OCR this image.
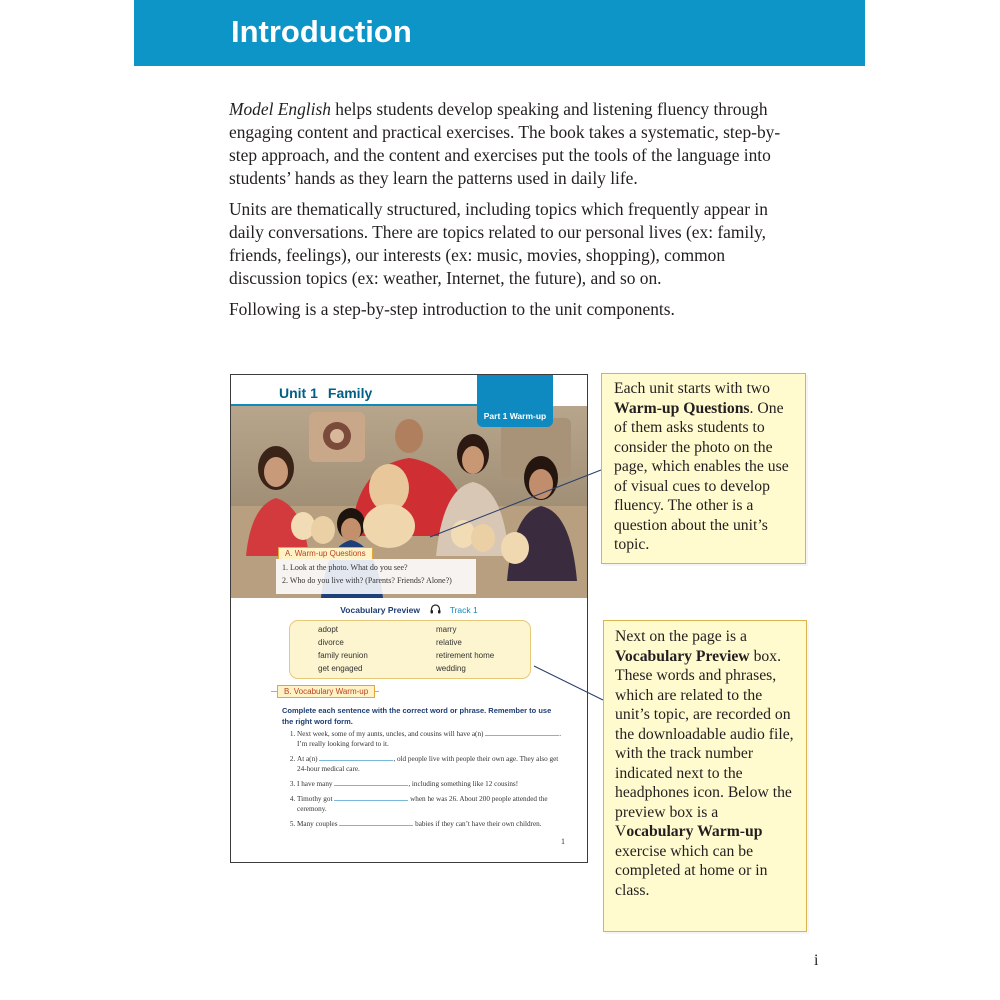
Introduction

Model English helps students develop speaking and listening fluency through engaging content and practical exercises. The book takes a systematic, step-by-step approach, and the content and exercises put the tools of the language into students’ hands as they learn the patterns used in daily life.

Units are thematically structured, including topics which frequently appear in daily conversations. There are topics related to our personal lives (ex: family, friends, feelings), our interests (ex: music, movies, shopping), common discussion topics (ex: weather, Internet, the future), and so on.

Following is a step-by-step introduction to the unit components.

Unit 1 Family
Part 1 Warm-up
A. Warm-up Questions
1. Look at the photo. What do you see?
2. Who do you live with? (Parents? Friends? Alone?)
Vocabulary Preview	Track 1
adopt	marry
divorce	relative
family reunion	retirement home
get engaged	wedding
B. Vocabulary Warm-up
Complete each sentence with the correct word or phrase. Remember to use the right word form.
1. Next week, some of my aunts, uncles, and cousins will have a(n)	. I’m really looking forward to it.
2. At a(n)	, old people live with people their own age. They also get 24-hour medical care.
3. I have many	, including something like 12 cousins!
4. Timothy got	when he was 26. About 200 people attended the ceremony.
5. Many couples	babies if they can’t have their own children.
1
Each unit starts with two Warm-up Questions. One of them asks students to consider the photo on the page, which enables the use of visual cues to develop fluency. The other is a question about the unit’s topic.
Next on the page is a Vocabulary Preview box. These words and phrases, which are related to the unit’s topic, are recorded on the downloadable audio file, with the track number indicated next to the headphones icon. Below the preview box is a Vocabulary Warm-up exercise which can be completed at home or in class.
i
